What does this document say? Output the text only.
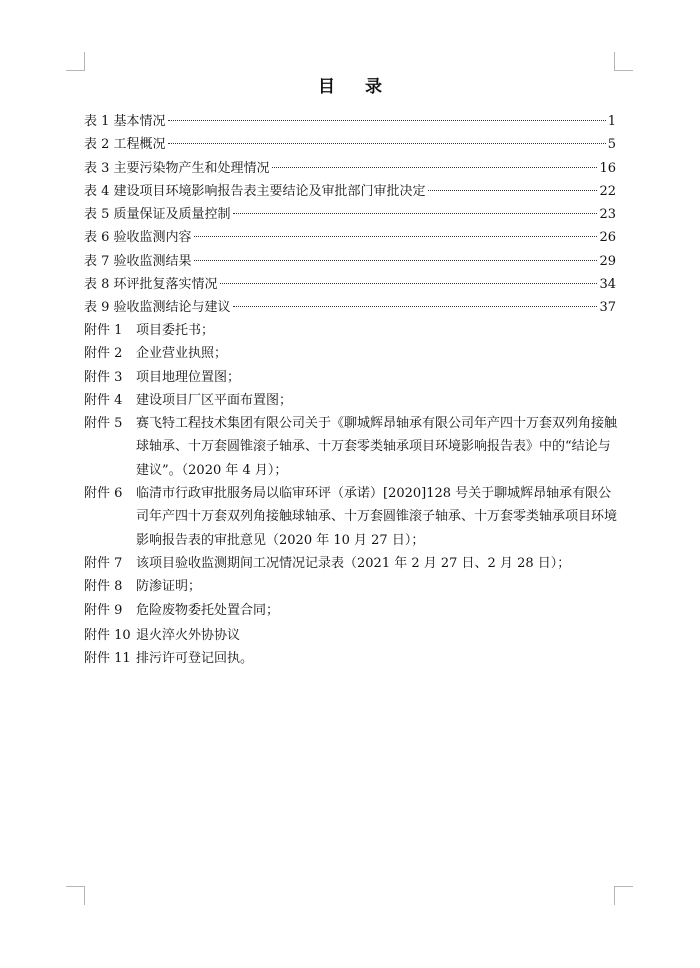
目 录
表 1 基本情况	1
表 2 工程概况	5
表 3 主要污染物产生和处理情况	16
表 4 建设项目环境影响报告表主要结论及审批部门审批决定	22
表 5 质量保证及质量控制	23
表 6 验收监测内容	26
表 7 验收监测结果	29
表 8 环评批复落实情况	34
表 9 验收监测结论与建议	37
附件 1	项目委托书；
附件 2	企业营业执照；
附件 3	项目地理位置图；
附件 4	建设项目厂区平面布置图；
附件 5	赛飞特工程技术集团有限公司关于《聊城辉昂轴承有限公司年产四十万套双列角接触球轴承、十万套圆锥滚子轴承、十万套零类轴承项目环境影响报告表》中的“结论与建议”。（2020 年 4 月）；
附件 6	临清市行政审批服务局以临审环评（承诺）[2020]128 号关于聊城辉昂轴承有限公司年产四十万套双列角接触球轴承、十万套圆锥滚子轴承、十万套零类轴承项目环境影响报告表的审批意见（2020 年 10 月 27 日）；
附件 7	该项目验收监测期间工况情况记录表（2021 年 2 月 27 日、2 月 28 日）；
附件 8	防渗证明；
附件 9	危险废物委托处置合同；
附件 10 退火淬火外协协议
附件 11 排污许可登记回执。
